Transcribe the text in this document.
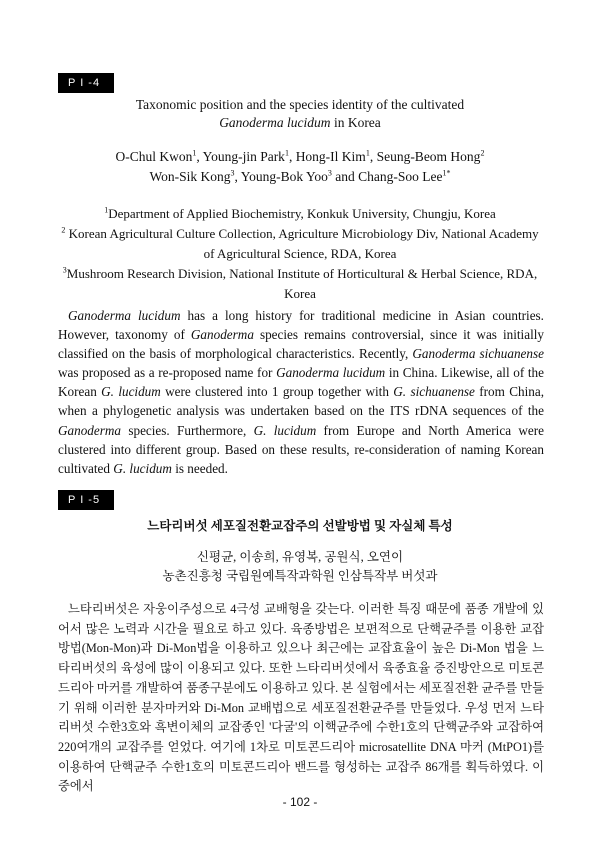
P I -4
Taxonomic position and the species identity of the cultivated
Ganoderma lucidum in Korea
O-Chul Kwon$^1$, Young-jin Park$^1$, Hong-Il Kim$^1$, Seung-Beom Hong$^2$
Won-Sik Kong$^3$, Young-Bok Yoo$^3$ and Chang-Soo Lee$^{1*}$
$^1$Department of Applied Biochemistry, Konkuk University, Chungju, Korea
$^2$ Korean Agricultural Culture Collection, Agriculture Microbiology Div, National Academy
of Agricultural Science, RDA, Korea
$^3$Mushroom Research Division, National Institute of Horticultural & Herbal Science, RDA,
Korea
Ganoderma lucidum has a long history for traditional medicine in Asian countries. However, taxonomy of Ganoderma species remains controversial, since it was initially classified on the basis of morphological characteristics. Recently, Ganoderma sichuanense was proposed as a re-proposed name for Ganoderma lucidum in China. Likewise, all of the Korean G. lucidum were clustered into 1 group together with G. sichuanense from China, when a phylogenetic analysis was undertaken based on the ITS rDNA sequences of the Ganoderma species. Furthermore, G. lucidum from Europe and North America were clustered into different group. Based on these results, re-consideration of naming Korean cultivated G. lucidum is needed.
P I -5
느타리버섯 세포질전환교잡주의 선발방법 및 자실체 특성
신평균, 이송희, 유영복, 공원식, 오연이
농촌진흥청 국립원예특작과학원 인삼특작부 버섯과
느타리버섯은 자웅이주성으로 4극성 교배형을 갖는다. 이러한 특징 때문에 품종 개발에 있어서 많은 노력과 시간을 필요로 하고 있다. 육종방법은 보편적으로 단핵균주를 이용한 교잡방법(Mon-Mon)과 Di-Mon법을 이용하고 있으나 최근에는 교잡효율이 높은 Di-Mon 법을 느타리버섯의 육성에 많이 이용되고 있다. 또한 느타리버섯에서 육종효율 증진방안으로 미토콘드리아 마커를 개발하여 품종구분에도 이용하고 있다. 본 실험에서는 세포질전환 균주를 만들기 위해 이러한 분자마커와 Di-Mon 교배법으로 세포질전환균주를 만들었다. 우성 먼저 느타리버섯 수한3호와 흑변이체의 교잡종인 '다굴'의 이핵균주에 수한1호의 단핵균주와 교잡하여 220여개의 교잡주를 얻었다. 여기에 1차로 미토콘드리아 microsatellite DNA 마커 (MtPO1)를 이용하여 단핵균주 수한1호의 미토콘드리아 밴드를 형성하는 교잡주 86개를 획득하였다. 이 중에서
- 102 -
